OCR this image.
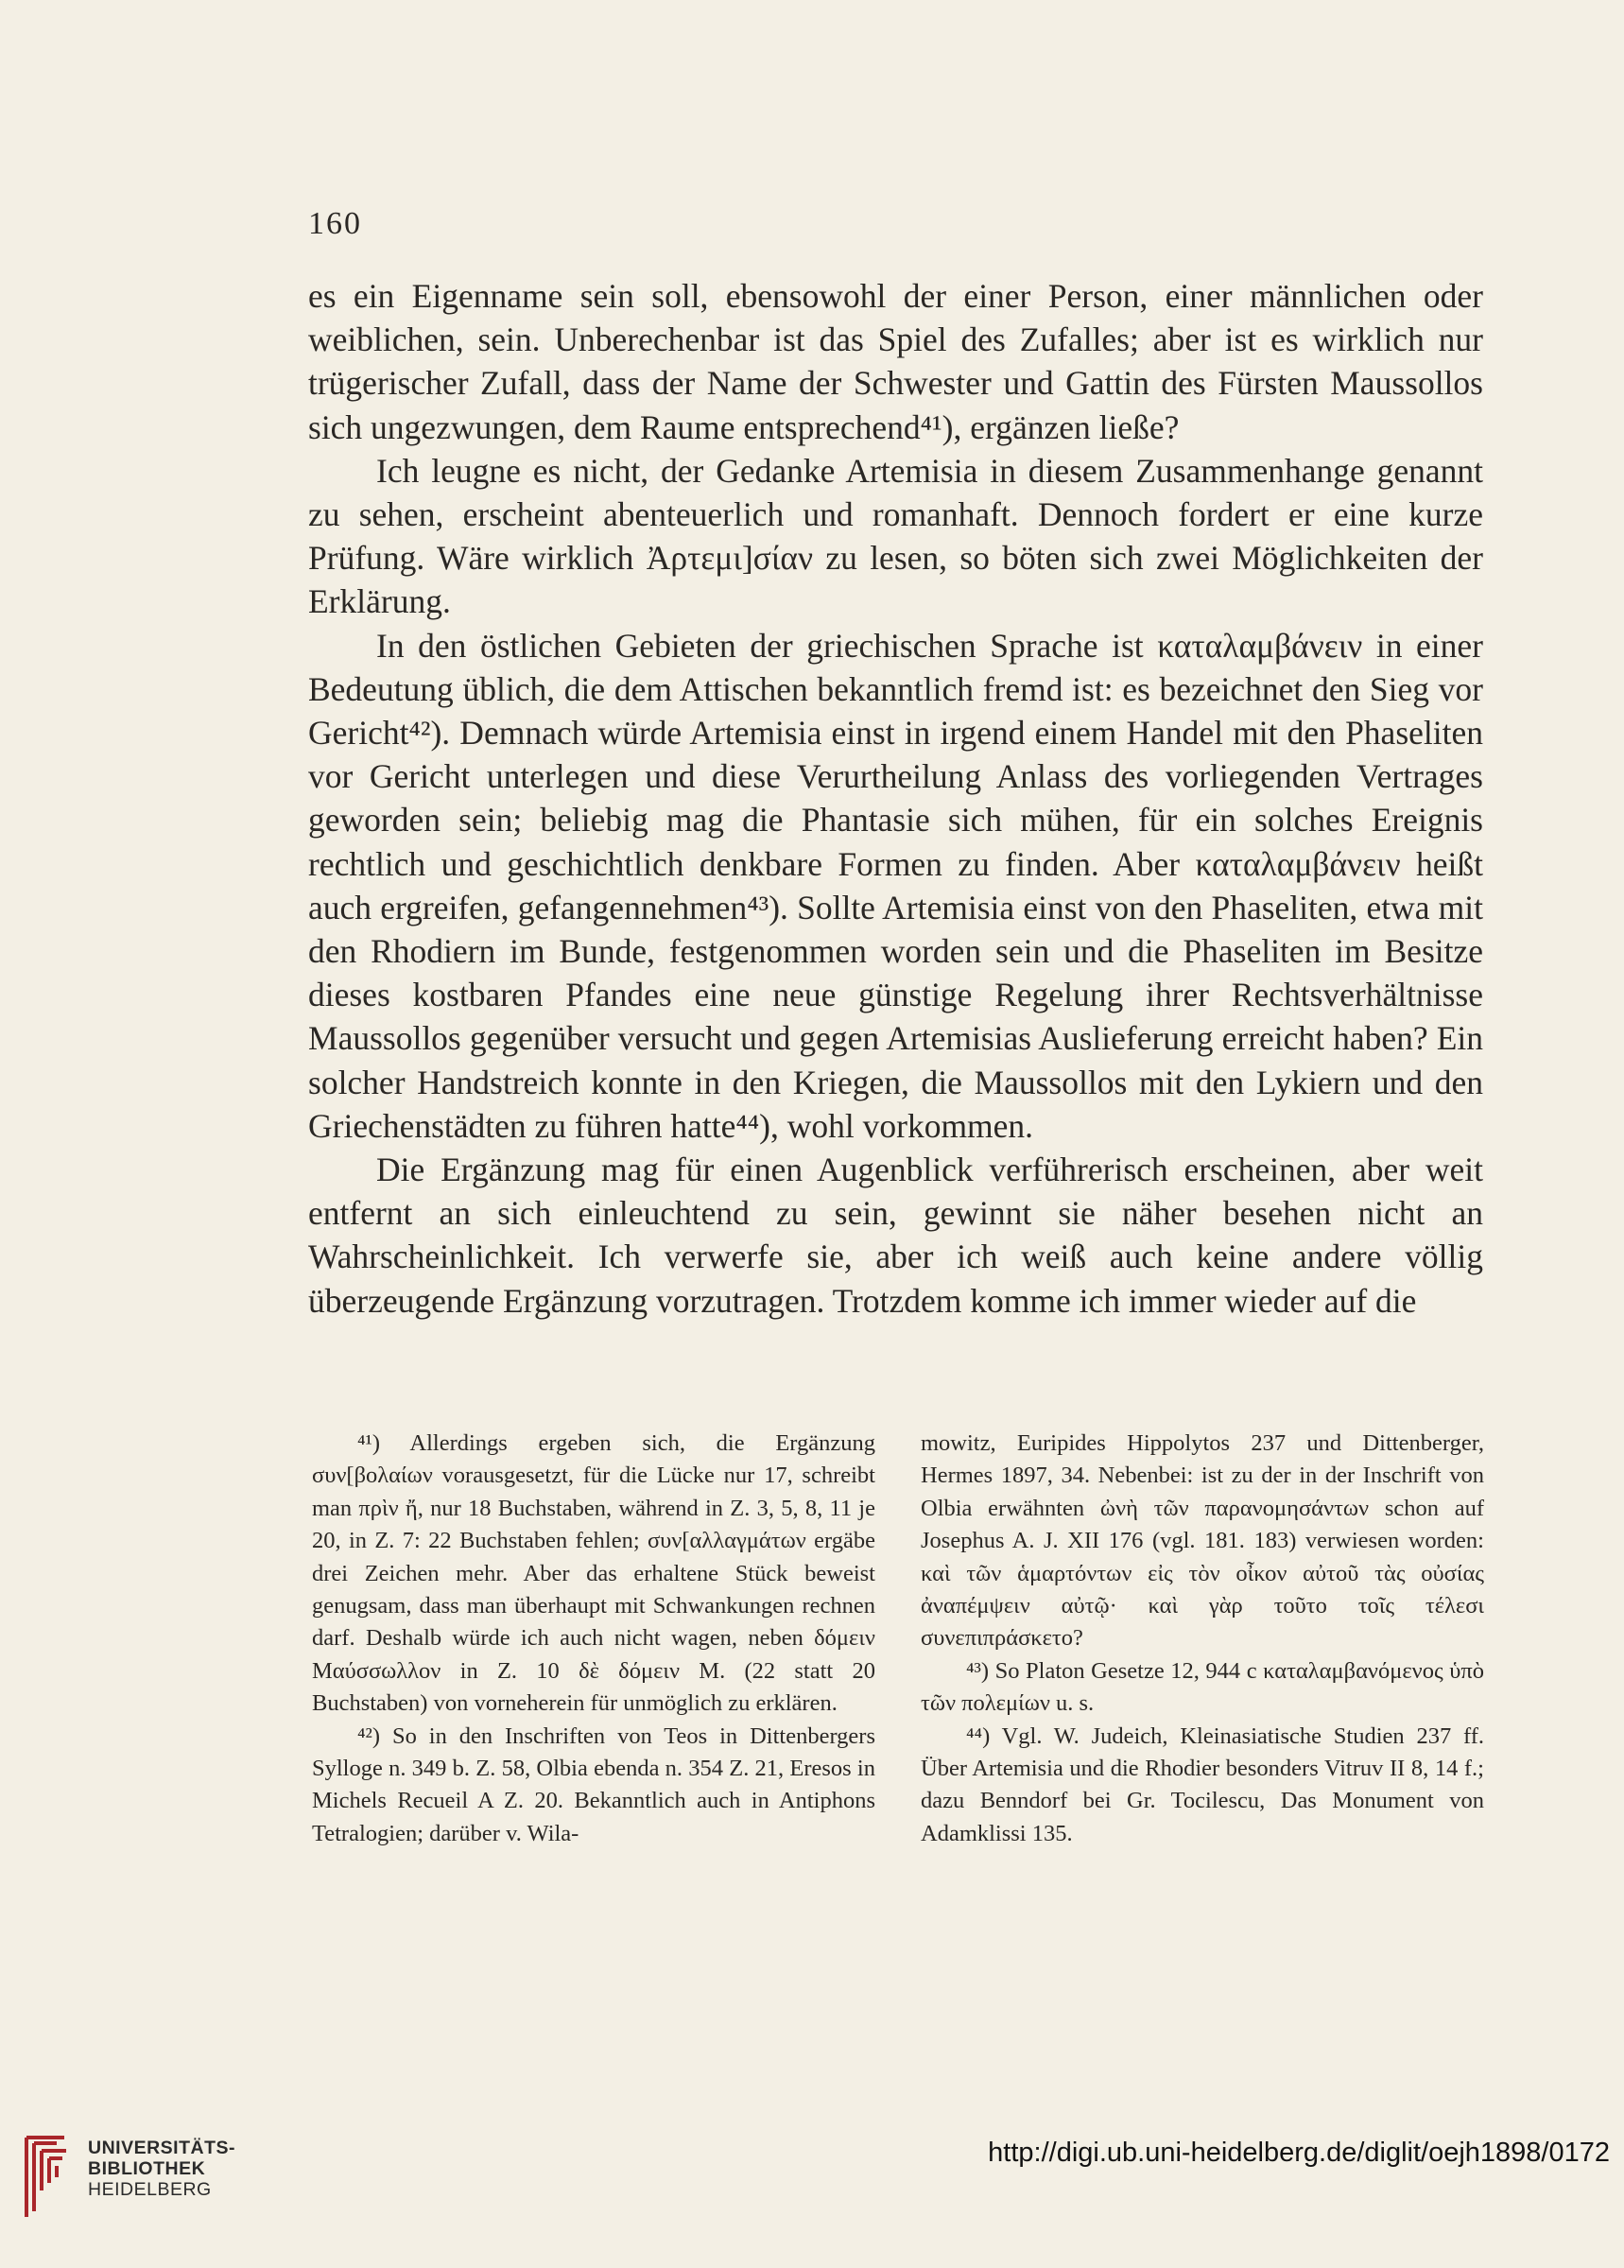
160

es ein Eigenname sein soll, ebensowohl der einer Person, einer männlichen oder weiblichen, sein. Unberechenbar ist das Spiel des Zufalles; aber ist es wirklich nur trügerischer Zufall, dass der Name der Schwester und Gattin des Fürsten Maussollos sich ungezwungen, dem Raume entsprechend⁴¹), ergänzen ließe?

Ich leugne es nicht, der Gedanke Artemisia in diesem Zusammenhange genannt zu sehen, erscheint abenteuerlich und romanhaft. Dennoch fordert er eine kurze Prüfung. Wäre wirklich Ἀρτεμι]σίαν zu lesen, so böten sich zwei Möglichkeiten der Erklärung.

In den östlichen Gebieten der griechischen Sprache ist καταλαμβάνειν in einer Bedeutung üblich, die dem Attischen bekanntlich fremd ist: es bezeichnet den Sieg vor Gericht⁴²). Demnach würde Artemisia einst in irgend einem Handel mit den Phaseliten vor Gericht unterlegen und diese Verurtheilung Anlass des vorliegenden Vertrages geworden sein; beliebig mag die Phantasie sich mühen, für ein solches Ereignis rechtlich und geschichtlich denkbare Formen zu finden. Aber καταλαμβάνειν heißt auch ergreifen, gefangennehmen⁴³). Sollte Artemisia einst von den Phaseliten, etwa mit den Rhodiern im Bunde, festgenommen worden sein und die Phaseliten im Besitze dieses kostbaren Pfandes eine neue günstige Regelung ihrer Rechtsverhältnisse Maussollos gegenüber versucht und gegen Artemisias Auslieferung erreicht haben? Ein solcher Handstreich konnte in den Kriegen, die Maussollos mit den Lykiern und den Griechenstädten zu führen hatte⁴⁴), wohl vorkommen.

Die Ergänzung mag für einen Augenblick verführerisch erscheinen, aber weit entfernt an sich einleuchtend zu sein, gewinnt sie näher besehen nicht an Wahrscheinlichkeit. Ich verwerfe sie, aber ich weiß auch keine andere völlig überzeugende Ergänzung vorzutragen. Trotzdem komme ich immer wieder auf die

⁴¹) Allerdings ergeben sich, die Ergänzung συν[βολαίων vorausgesetzt, für die Lücke nur 17, schreibt man πρὶν ἤ, nur 18 Buchstaben, während in Z. 3, 5, 8, 11 je 20, in Z. 7: 22 Buchstaben fehlen; συν[αλλαγμάτων ergäbe drei Zeichen mehr. Aber das erhaltene Stück beweist genugsam, dass man überhaupt mit Schwankungen rechnen darf. Deshalb würde ich auch nicht wagen, neben δόμειν Μαύσσωλλον in Z. 10 δὲ δόμειν M. (22 statt 20 Buchstaben) von vorneherein für unmöglich zu erklären.

⁴²) So in den Inschriften von Teos in Dittenbergers Sylloge n. 349 b. Z. 58, Olbia ebenda n. 354 Z. 21, Eresos in Michels Recueil A Z. 20. Bekanntlich auch in Antiphons Tetralogien; darüber v. Wila-

mowitz, Euripides Hippolytos 237 und Dittenberger, Hermes 1897, 34. Nebenbei: ist zu der in der Inschrift von Olbia erwähnten ὠνὴ τῶν παρανομησάντων schon auf Josephus A. J. XII 176 (vgl. 181. 183) verwiesen worden: καὶ τῶν ἁμαρτόντων εἰς τὸν οἶκον αὐτοῦ τὰς οὐσίας ἀναπέμψειν αὐτῷ· καὶ γὰρ τοῦτο τοῖς τέλεσι συνεπιπράσκετο?

⁴³) So Platon Gesetze 12, 944 c καταλαμβανόμενος ὑπὸ τῶν πολεμίων u. s.

⁴⁴) Vgl. W. Judeich, Kleinasiatische Studien 237 ff. Über Artemisia und die Rhodier besonders Vitruv II 8, 14 f.; dazu Benndorf bei Gr. Tocilescu, Das Monument von Adamklissi 135.

UNIVERSITÄTS-
BIBLIOTHEK
HEIDELBERG
http://digi.ub.uni-heidelberg.de/diglit/oejh1898/0172
